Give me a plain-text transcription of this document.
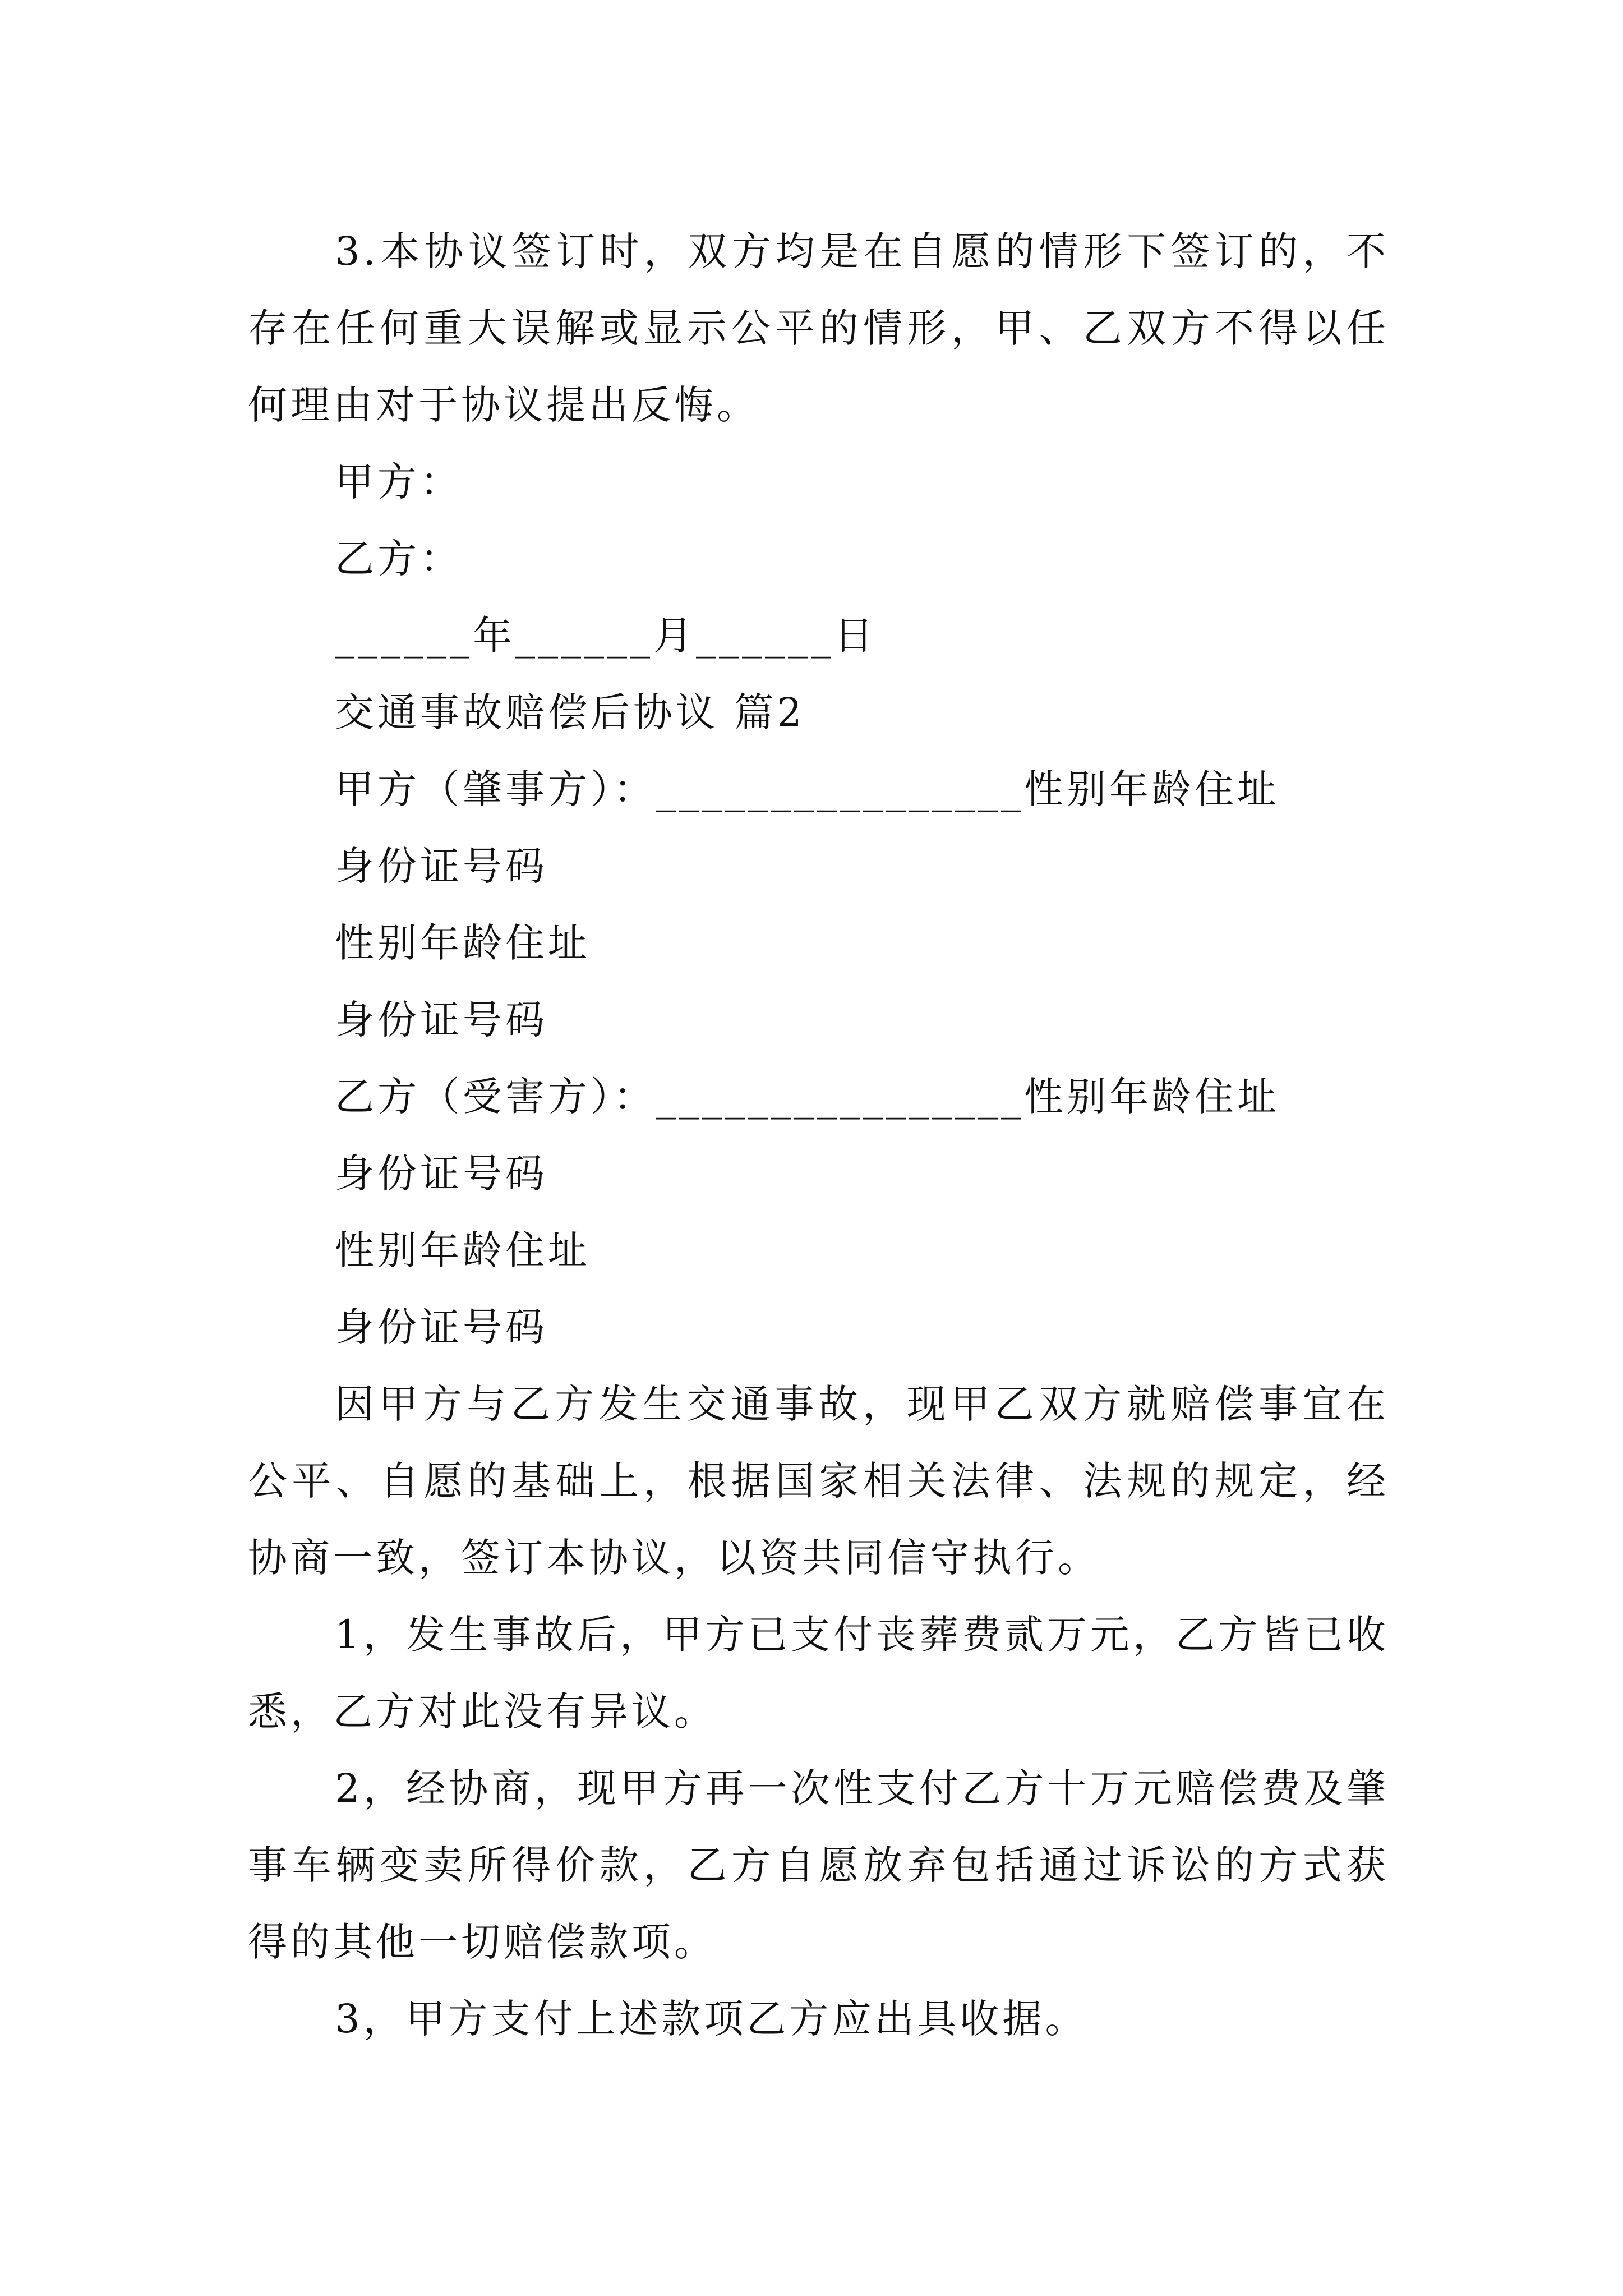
3.本协议签订时，双方均是在自愿的情形下签订的，不存在任何重大误解或显示公平的情形，甲、乙双方不得以任何理由对于协议提出反悔。

甲方：

乙方：

______年______月______日

交通事故赔偿后协议 篇2

甲方（肇事方）：________________性别年龄住址

身份证号码

性别年龄住址

身份证号码

乙方（受害方）：________________性别年龄住址

身份证号码

性别年龄住址

身份证号码

因甲方与乙方发生交通事故，现甲乙双方就赔偿事宜在公平、自愿的基础上，根据国家相关法律、法规的规定，经协商一致，签订本协议，以资共同信守执行。

1，发生事故后，甲方已支付丧葬费贰万元，乙方皆已收悉，乙方对此没有异议。

2，经协商，现甲方再一次性支付乙方十万元赔偿费及肇事车辆变卖所得价款，乙方自愿放弃包括通过诉讼的方式获得的其他一切赔偿款项。

3，甲方支付上述款项乙方应出具收据。
